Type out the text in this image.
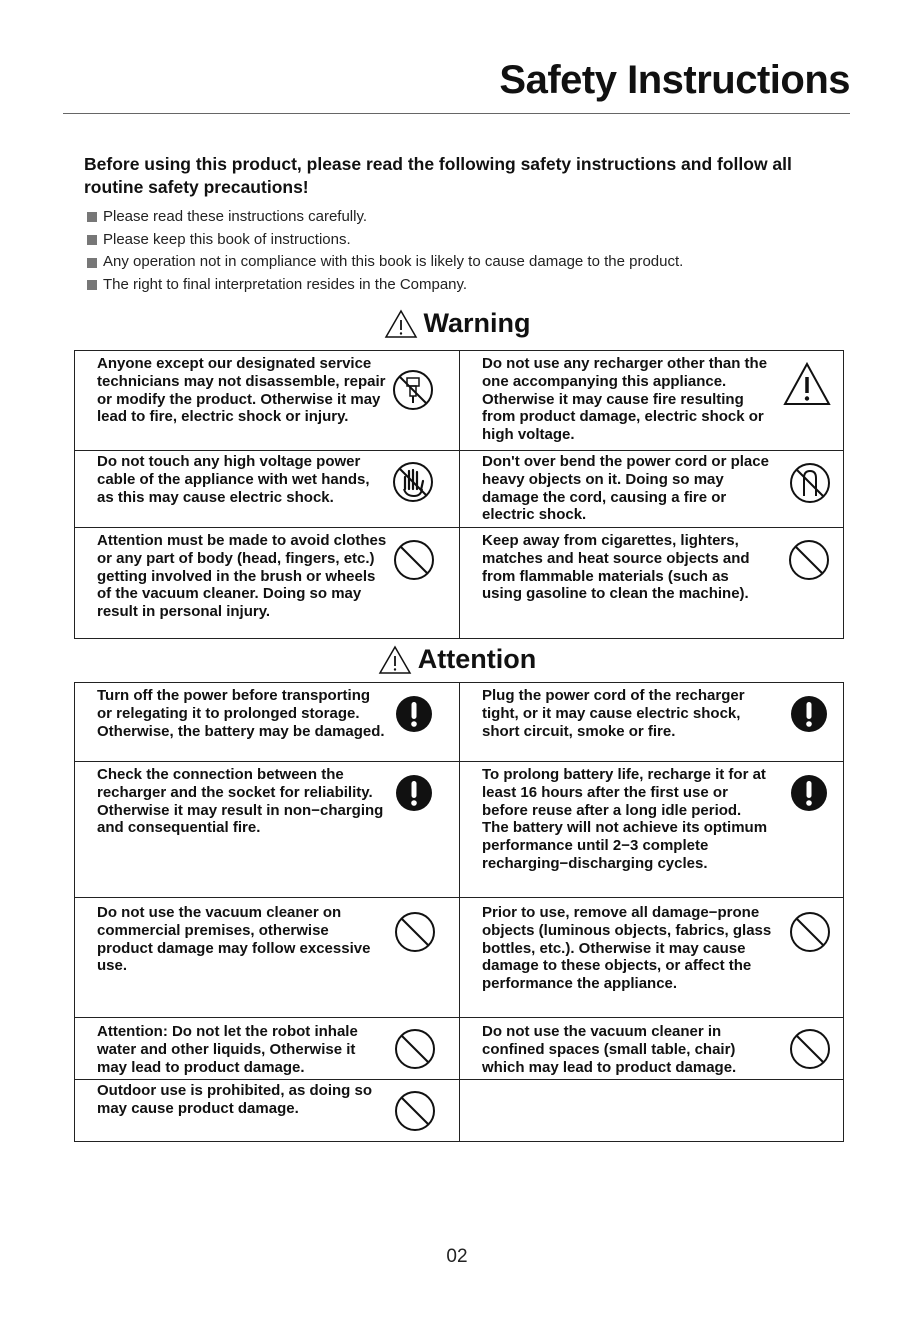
Safety Instructions

Before using this product, please read the following safety instructions and follow all routine safety precautions!

Please read these instructions carefully.
Please keep this book of instructions.
Any operation not in compliance with this book is likely to cause damage to the product.
The right to final interpretation resides in the Company.
Warning
Anyone except our designated service technicians may not disassemble, repair or modify the product. Otherwise it may lead to fire, electric shock or injury.
Do not use any recharger other than the one accompanying this appliance. Otherwise it may cause fire resulting from product damage, electric shock or high voltage.
Do not touch any high voltage power cable of the appliance with wet hands, as this may cause electric shock.
Don't over bend the power cord or place heavy objects on it. Doing so may damage the cord, causing a fire or electric shock.
Attention must be made to avoid clothes or any part of body (head, fingers, etc.) getting involved in the brush or wheels of the vacuum cleaner. Doing so may result in personal injury.
Keep away from cigarettes, lighters, matches and heat source objects and from flammable materials (such as using gasoline to clean the machine).
Attention
Turn off the power before transporting or relegating it to prolonged storage. Otherwise, the battery may be damaged.
Plug the power cord of the recharger tight, or it may cause electric shock, short circuit, smoke or fire.
Check the connection between the recharger and the socket for reliability. Otherwise it may result in non−charging and consequential fire.
To prolong battery life, recharge it for at least 16 hours after the first use or before reuse after a long idle period. The battery will not achieve its optimum performance until 2−3 complete recharging−discharging cycles.
Do not use the vacuum cleaner on commercial premises, otherwise product damage may follow excessive use.
Prior to use, remove all damage−prone objects (luminous objects, fabrics, glass bottles, etc.). Otherwise it may cause damage to these objects, or affect the performance the appliance.
Attention: Do not let the robot inhale water and other liquids, Otherwise it may lead to product damage.
Do not use the vacuum cleaner in confined spaces (small table, chair) which may lead to product damage.
Outdoor use is prohibited, as doing so may cause product damage.
02
